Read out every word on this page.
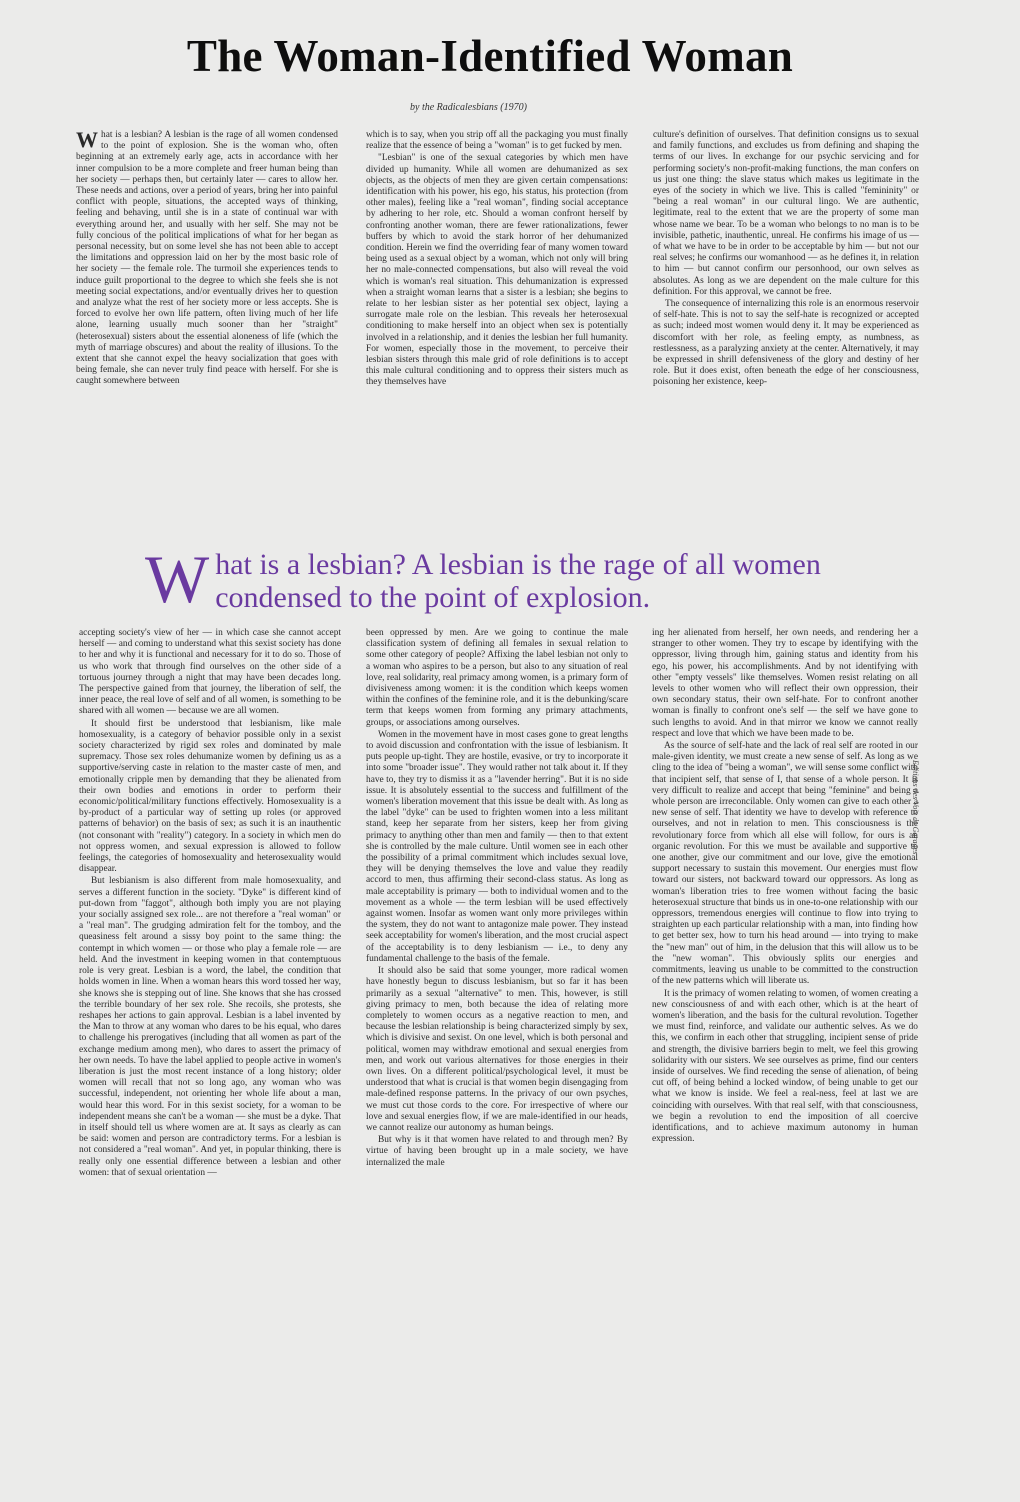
The Woman-Identified Woman

by the Radicalesbians (1970)

What is a lesbian? A lesbian is the rage of all women condensed to the point of explosion. She is the woman who, often beginning at an extremely early age, acts in accordance with her inner compulsion to be a more complete and freer human being than her society — perhaps then, but certainly later — cares to allow her. These needs and actions, over a period of years, bring her into painful conflict with people, situations, the accepted ways of thinking, feeling and behaving, until she is in a state of continual war with everything around her, and usually with her self. She may not be fully concious of the political implications of what for her began as personal necessity, but on some level she has not been able to accept the limitations and oppression laid on her by the most basic role of her society — the female role. The turmoil she experiences tends to induce guilt proportional to the degree to which she feels she is not meeting social expectations, and/or eventually drives her to question and analyze what the rest of her society more or less accepts. She is forced to evolve her own life pattern, often living much of her life alone, learning usually much sooner than her "straight" (heterosexual) sisters about the essential aloneness of life (which the myth of marriage obscures) and about the reality of illusions. To the extent that she cannot expel the heavy socialization that goes with being female, she can never truly find peace with herself. For she is caught somewhere between

which is to say, when you strip off all the packaging you must finally realize that the essence of being a "woman" is to get fucked by men.

"Lesbian" is one of the sexual categories by which men have divided up humanity. While all women are dehumanized as sex objects, as the objects of men they are given certain compensations: identification with his power, his ego, his status, his protection (from other males), feeling like a "real woman", finding social acceptance by adhering to her role, etc. Should a woman confront herself by confronting another woman, there are fewer rationalizations, fewer buffers by which to avoid the stark horror of her dehumanized condition. Herein we find the overriding fear of many women toward being used as a sexual object by a woman, which not only will bring her no male-connected compensations, but also will reveal the void which is woman's real situation. This dehumanization is expressed when a straight woman learns that a sister is a lesbian; she begins to relate to her lesbian sister as her potential sex object, laying a surrogate male role on the lesbian. This reveals her heterosexual conditioning to make herself into an object when sex is potentially involved in a relationship, and it denies the lesbian her full humanity. For women, especially those in the movement, to perceive their lesbian sisters through this male grid of role definitions is to accept this male cultural conditioning and to oppress their sisters much as they themselves have

culture's definition of ourselves. That definition consigns us to sexual and family functions, and excludes us from defining and shaping the terms of our lives. In exchange for our psychic servicing and for performing society's non-profit-making functions, the man confers on us just one thing: the slave status which makes us legitimate in the eyes of the society in which we live. This is called "femininity" or "being a real woman" in our cultural lingo. We are authentic, legitimate, real to the extent that we are the property of some man whose name we bear. To be a woman who belongs to no man is to be invisible, pathetic, inauthentic, unreal. He confirms his image of us — of what we have to be in order to be acceptable by him — but not our real selves; he confirms our womanhood — as he defines it, in relation to him — but cannot confirm our personhood, our own selves as absolutes. As long as we are dependent on the male culture for this definition. For this approval, we cannot be free.

The consequence of internalizing this role is an enormous reservoir of self-hate. This is not to say the self-hate is recognized or accepted as such; indeed most women would deny it. It may be experienced as discomfort with her role, as feeling empty, as numbness, as restlessness, as a paralyzing anxiety at the center. Alternatively, it may be expressed in shrill defensiveness of the glory and destiny of her role. But it does exist, often beneath the edge of her consciousness, poisoning her existence, keep-

What is a lesbian? A lesbian is the rage of all women condensed to the point of explosion.

accepting society's view of her — in which case she cannot accept herself — and coming to understand what this sexist society has done to her and why it is functional and necessary for it to do so. Those of us who work that through find ourselves on the other side of a tortuous journey through a night that may have been decades long. The perspective gained from that journey, the liberation of self, the inner peace, the real love of self and of all women, is something to be shared with all women — because we are all women.

It should first be understood that lesbianism, like male homosexuality, is a category of behavior possible only in a sexist society characterized by rigid sex roles and dominated by male supremacy. Those sex roles dehumanize women by defining us as a supportive/serving caste in relation to the master caste of men, and emotionally cripple men by demanding that they be alienated from their own bodies and emotions in order to perform their economic/political/military functions effectively. Homosexuality is a by-product of a particular way of setting up roles (or approved patterns of behavior) on the basis of sex; as such it is an inauthentic (not consonant with "reality") category. In a society in which men do not oppress women, and sexual expression is allowed to follow feelings, the categories of homosexuality and heterosexuality would disappear.

But lesbianism is also different from male homosexuality, and serves a different function in the society. "Dyke" is different kind of put-down from "faggot", although both imply you are not playing your socially assigned sex role... are not therefore a "real woman" or a "real man". The grudging admiration felt for the tomboy, and the queasiness felt around a sissy boy point to the same thing: the contempt in which women — or those who play a female role — are held. And the investment in keeping women in that contemptuous role is very great. Lesbian is a word, the label, the condition that holds women in line. When a woman hears this word tossed her way, she knows she is stepping out of line. She knows that she has crossed the terrible boundary of her sex role. She recoils, she protests, she reshapes her actions to gain approval. Lesbian is a label invented by the Man to throw at any woman who dares to be his equal, who dares to challenge his prerogatives (including that all women as part of the exchange medium among men), who dares to assert the primacy of her own needs. To have the label applied to people active in women's liberation is just the most recent instance of a long history; older women will recall that not so long ago, any woman who was successful, independent, not orienting her whole life about a man, would hear this word. For in this sexist society, for a woman to be independent means she can't be a woman — she must be a dyke. That in itself should tell us where women are at. It says as clearly as can be said: women and person are contradictory terms. For a lesbian is not considered a "real woman". And yet, in popular thinking, there is really only one essential difference between a lesbian and other women: that of sexual orientation —

been oppressed by men. Are we going to continue the male classification system of defining all females in sexual relation to some other category of people? Affixing the label lesbian not only to a woman who aspires to be a person, but also to any situation of real love, real solidarity, real primacy among women, is a primary form of divisiveness among women: it is the condition which keeps women within the confines of the feminine role, and it is the debunking/scare term that keeps women from forming any primary attachments, groups, or associations among ourselves.

Women in the movement have in most cases gone to great lengths to avoid discussion and confrontation with the issue of lesbianism. It puts people up-tight. They are hostile, evasive, or try to incorporate it into some "broader issue". They would rather not talk about it. If they have to, they try to dismiss it as a "lavender herring". But it is no side issue. It is absolutely essential to the success and fulfillment of the women's liberation movement that this issue be dealt with. As long as the label "dyke" can be used to frighten women into a less militant stand, keep her separate from her sisters, keep her from giving primacy to anything other than men and family — then to that extent she is controlled by the male culture. Until women see in each other the possibility of a primal commitment which includes sexual love, they will be denying themselves the love and value they readily accord to men, thus affirming their second-class status. As long as male acceptability is primary — both to individual women and to the movement as a whole — the term lesbian will be used effectively against women. Insofar as women want only more privileges within the system, they do not want to antagonize male power. They instead seek acceptability for women's liberation, and the most crucial aspect of the acceptability is to deny lesbianism — i.e., to deny any fundamental challenge to the basis of the female.

It should also be said that some younger, more radical women have honestly begun to discuss lesbianism, but so far it has been primarily as a sexual "alternative" to men. This, however, is still giving primacy to men, both because the idea of relating more completely to women occurs as a negative reaction to men, and because the lesbian relationship is being characterized simply by sex, which is divisive and sexist. On one level, which is both personal and political, women may withdraw emotional and sexual energies from men, and work out various alternatives for those energies in their own lives. On a different political/psychological level, it must be understood that what is crucial is that women begin disengaging from male-defined response patterns. In the privacy of our own psyches, we must cut those cords to the core. For irrespective of where our love and sexual energies flow, if we are male-identified in our heads, we cannot realize our autonomy as human beings.

But why is it that women have related to and through men? By virtue of having been brought up in a male society, we have internalized the male

ing her alienated from herself, her own needs, and rendering her a stranger to other women. They try to escape by identifying with the oppressor, living through him, gaining status and identity from his ego, his power, his accomplishments. And by not identifying with other "empty vessels" like themselves. Women resist relating on all levels to other women who will reflect their own oppression, their own secondary status, their own self-hate. For to confront another woman is finally to confront one's self — the self we have gone to such lengths to avoid. And in that mirror we know we cannot really respect and love that which we have been made to be.

As the source of self-hate and the lack of real self are rooted in our male-given identity, we must create a new sense of self. As long as we cling to the idea of "being a woman", we will sense some conflict with that incipient self, that sense of I, that sense of a whole person. It is very difficult to realize and accept that being "feminine" and being a whole person are irreconcilable. Only women can give to each other a new sense of self. That identity we have to develop with reference to ourselves, and not in relation to men. This consciousness is the revolutionary force from which all else will follow, for ours is an organic revolution. For this we must be available and supportive to one another, give our commitment and our love, give the emotional support necessary to sustain this movement. Our energies must flow toward our sisters, not backward toward our oppressors. As long as woman's liberation tries to free women without facing the basic heterosexual structure that binds us in one-to-one relationship with our oppressors, tremendous energies will continue to flow into trying to straighten up each particular relationship with a man, into finding how to get better sex, how to turn his head around — into trying to make the "new man" out of him, in the delusion that this will allow us to be the "new woman". This obviously splits our energies and commitments, leaving us unable to be committed to the construction of the new patterns which will liberate us.

It is the primacy of women relating to women, of women creating a new consciousness of and with each other, which is at the heart of women's liberation, and the basis for the cultural revolution. Together we must find, reinforce, and validate our authentic selves. As we do this, we confirm in each other that struggling, incipient sense of pride and strength, the divisive barriers begin to melt, we feel this growing solidarity with our sisters. We see ourselves as prime, find our centers inside of ourselves. We find receding the sense of alienation, of being cut off, of being behind a locked window, of being unable to get our what we know is inside. We feel a real-ness, feel at last we are coinciding with ourselves. With that real self, with that consciousness, we begin a revolution to end the imposition of all coercive identifications, and to achieve maximum autonomy in human expression.

Editions des Voix de Garages
